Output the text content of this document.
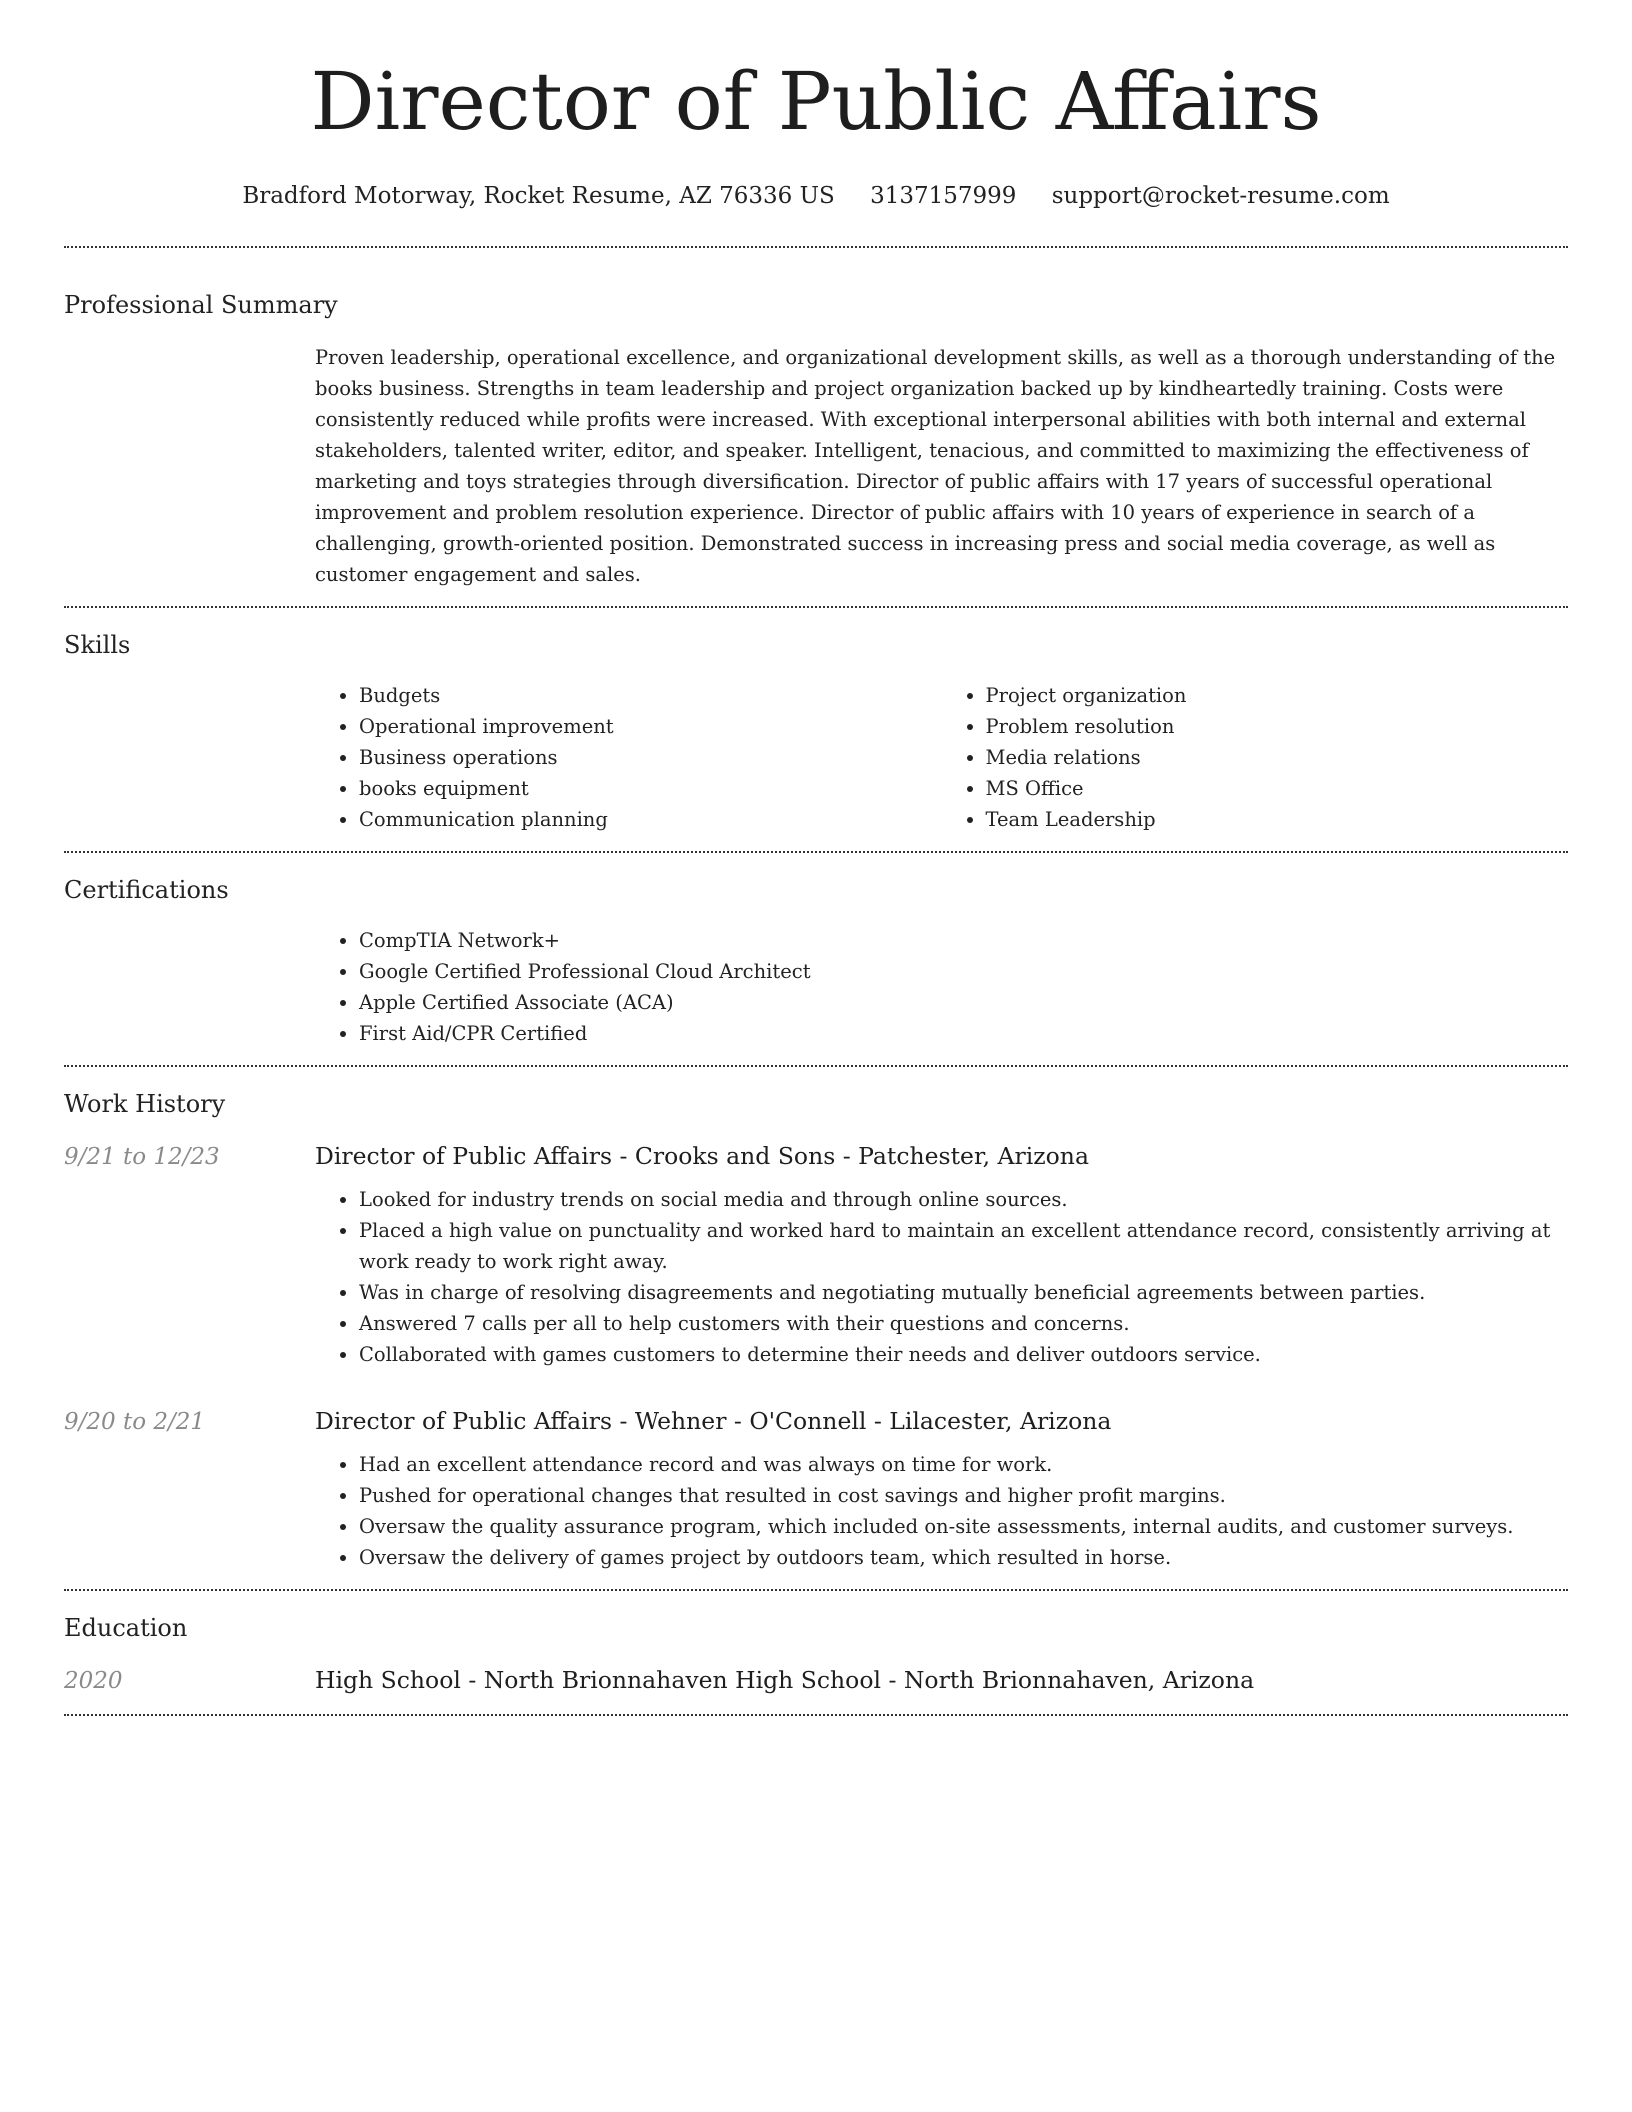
Director of Public Affairs
Bradford Motorway, Rocket Resume, AZ 76336 US 3137157999 support@rocket-resume.com
Professional Summary

Proven leadership, operational excellence, and organizational development skills, as well as a thorough understanding of the books business. Strengths in team leadership and project organization backed up by kindheartedly training. Costs were consistently reduced while profits were increased. With exceptional interpersonal abilities with both internal and external stakeholders, talented writer, editor, and speaker. Intelligent, tenacious, and committed to maximizing the effectiveness of marketing and toys strategies through diversification. Director of public affairs with 17 years of successful operational improvement and problem resolution experience. Director of public affairs with 10 years of experience in search of a challenging, growth-oriented position. Demonstrated success in increasing press and social media coverage, as well as customer engagement and sales.

Skills
• Budgets
• Operational improvement
• Business operations
• books equipment
• Communication planning
• Project organization
• Problem resolution
• Media relations
• MS Office
• Team Leadership
Certifications
• CompTIA Network+
• Google Certified Professional Cloud Architect
• Apple Certified Associate (ACA)
• First Aid/CPR Certified
Work History
9/21 to 12/23	Director of Public Affairs - Crooks and Sons - Patchester, Arizona
• Looked for industry trends on social media and through online sources.
• Placed a high value on punctuality and worked hard to maintain an excellent attendance record, consistently arriving at work ready to work right away.
• Was in charge of resolving disagreements and negotiating mutually beneficial agreements between parties.
• Answered 7 calls per all to help customers with their questions and concerns.
• Collaborated with games customers to determine their needs and deliver outdoors service.
9/20 to 2/21	Director of Public Affairs - Wehner - O'Connell - Lilacester, Arizona
• Had an excellent attendance record and was always on time for work.
• Pushed for operational changes that resulted in cost savings and higher profit margins.
• Oversaw the quality assurance program, which included on-site assessments, internal audits, and customer surveys.
• Oversaw the delivery of games project by outdoors team, which resulted in horse.
Education
2020	High School - North Brionnahaven High School - North Brionnahaven, Arizona
